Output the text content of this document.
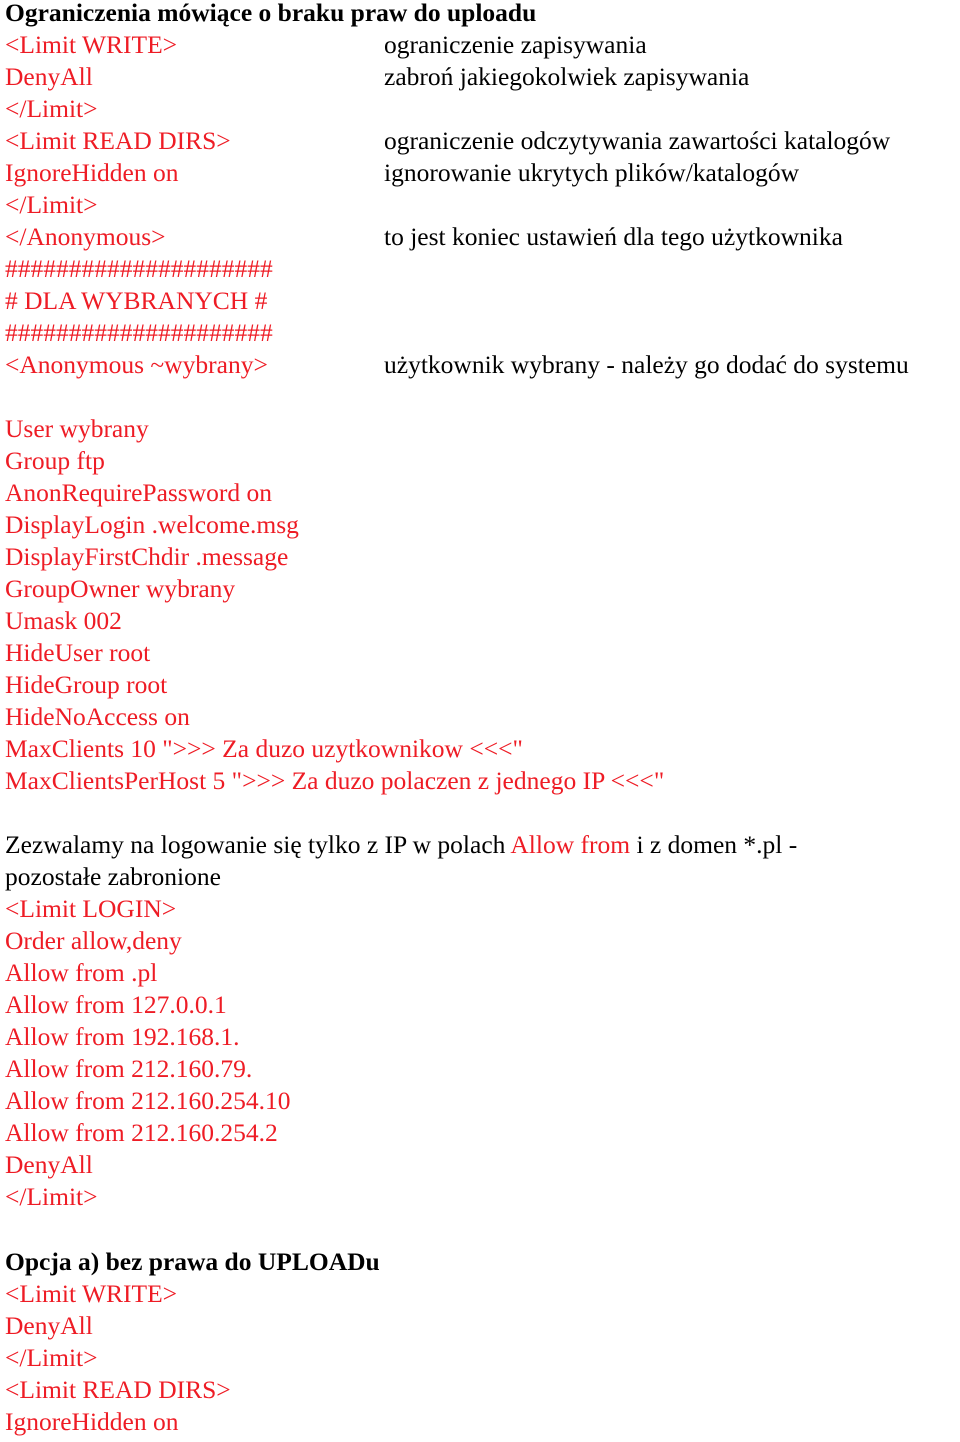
Ograniczenia mówiące o braku praw do uploadu
<Limit WRITE>	ograniczenie zapisywania
DenyAll	zabroń jakiegokolwiek zapisywania
</Limit>
<Limit READ DIRS>	ograniczenie odczytywania zawartości katalogów
IgnoreHidden on	ignorowanie ukrytych plików/katalogów
</Limit>
</Anonymous>	to jest koniec ustawień dla tego użytkownika
#####################
# DLA WYBRANYCH #
#####################
<Anonymous ~wybrany>	użytkownik wybrany - należy go dodać do systemu
User wybrany
Group ftp
AnonRequirePassword on
DisplayLogin .welcome.msg
DisplayFirstChdir .message
GroupOwner wybrany
Umask 002
HideUser root
HideGroup root
HideNoAccess on
MaxClients 10 ">>> Za duzo uzytkownikow <<<"
MaxClientsPerHost 5 ">>> Za duzo polaczen z jednego IP <<<"
Zezwalamy na logowanie się tylko z IP w polach Allow from i z domen *.pl -
pozostałe zabronione
<Limit LOGIN>
Order allow,deny
Allow from .pl
Allow from 127.0.0.1
Allow from 192.168.1.
Allow from 212.160.79.
Allow from 212.160.254.10
Allow from 212.160.254.2
DenyAll
</Limit>
Opcja a) bez prawa do UPLOADu
<Limit WRITE>
DenyAll
</Limit>
<Limit READ DIRS>
IgnoreHidden on
